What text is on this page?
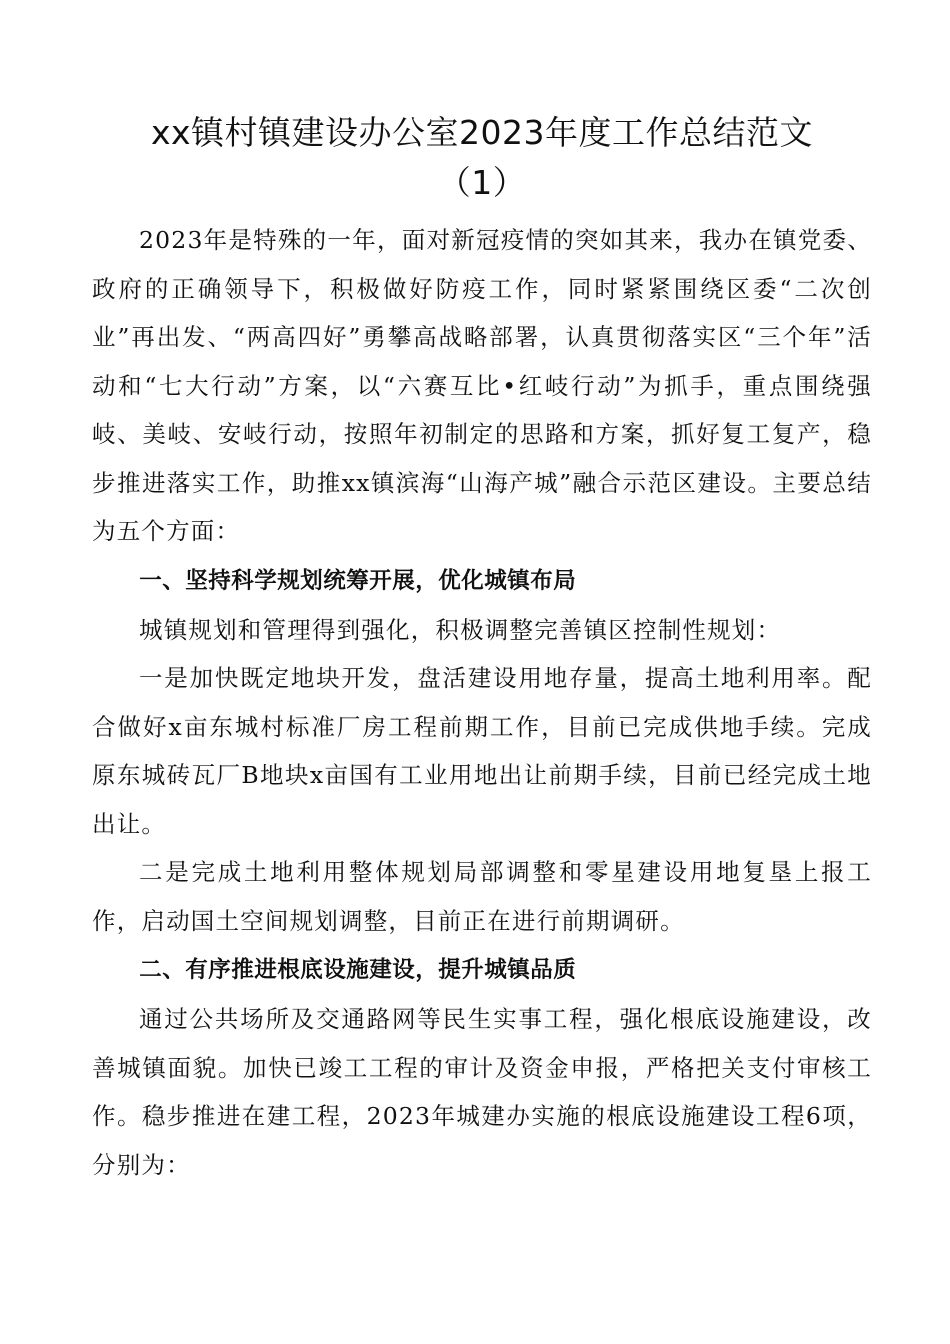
xx镇村镇建设办公室2023年度工作总结范文
（1）

2023年是特殊的一年，面对新冠疫情的突如其来，我办在镇党委、政府的正确领导下，积极做好防疫工作，同时紧紧围绕区委“二次创业”再出发、“两高四好”勇攀高战略部署，认真贯彻落实区“三个年”活动和“七大行动”方案，以“六赛互比•红岐行动”为抓手，重点围绕强岐、美岐、安岐行动，按照年初制定的思路和方案，抓好复工复产，稳步推进落实工作，助推xx镇滨海“山海产城”融合示范区建设。主要总结为五个方面：

一、坚持科学规划统筹开展，优化城镇布局

城镇规划和管理得到强化，积极调整完善镇区控制性规划：

一是加快既定地块开发，盘活建设用地存量，提高土地利用率。配合做好x亩东城村标准厂房工程前期工作，目前已完成供地手续。完成原东城砖瓦厂B地块x亩国有工业用地出让前期手续，目前已经完成土地出让。

二是完成土地利用整体规划局部调整和零星建设用地复垦上报工作，启动国土空间规划调整，目前正在进行前期调研。

二、有序推进根底设施建设，提升城镇品质

通过公共场所及交通路网等民生实事工程，强化根底设施建设，改善城镇面貌。加快已竣工工程的审计及资金申报，严格把关支付审核工作。稳步推进在建工程，2023年城建办实施的根底设施建设工程6项，分别为：
